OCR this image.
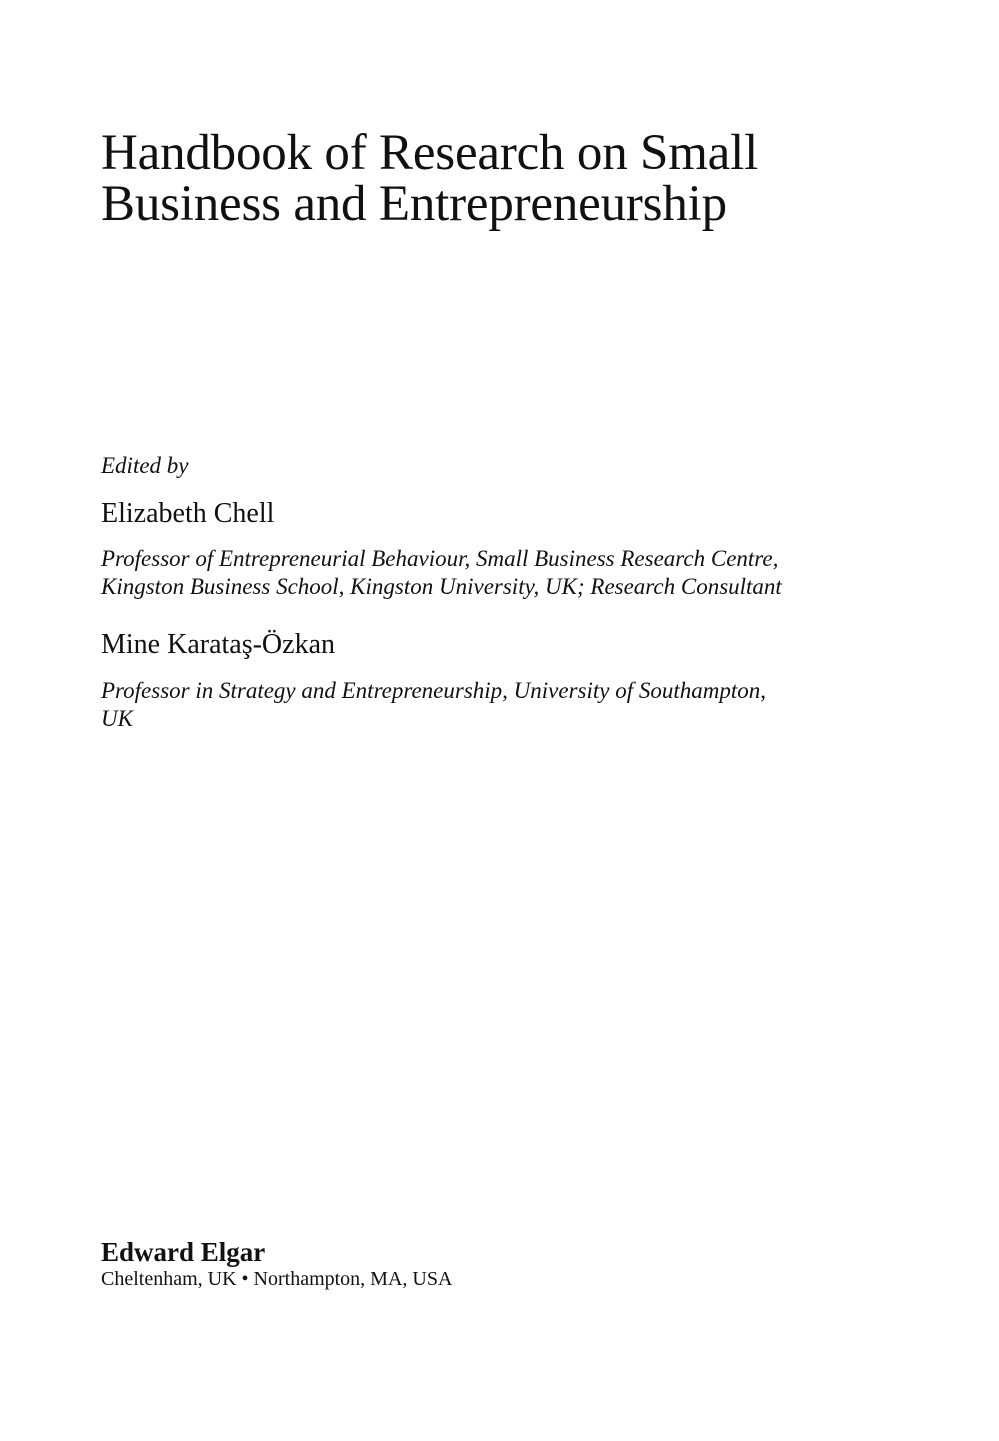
Handbook of Research on Small
Business and Entrepreneurship
Edited by
Elizabeth Chell
Professor of Entrepreneurial Behaviour, Small Business Research Centre,
Kingston Business School, Kingston University, UK; Research Consultant
Mine Karataş-Özkan
Professor in Strategy and Entrepreneurship, University of Southampton,
UK
Edward Elgar
Cheltenham, UK • Northampton, MA, USA
